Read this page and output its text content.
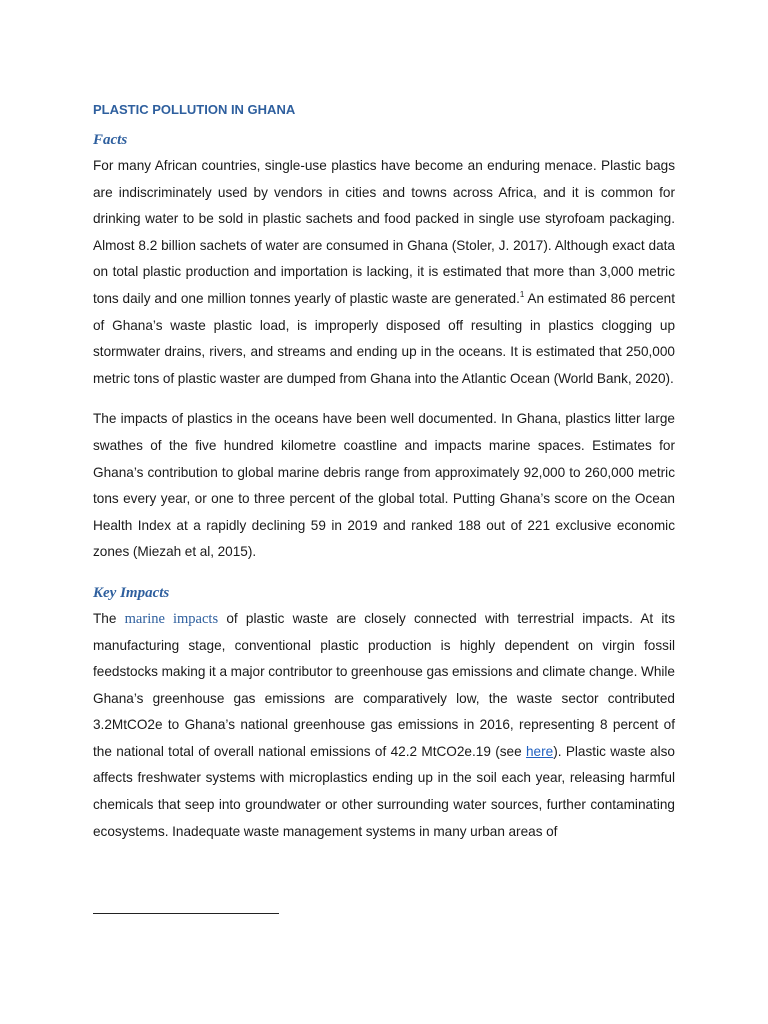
PLASTIC POLLUTION IN GHANA
Facts

For many African countries, single-use plastics have become an enduring menace. Plastic bags are indiscriminately used by vendors in cities and towns across Africa, and it is common for drinking water to be sold in plastic sachets and food packed in single use styrofoam packaging. Almost 8.2 billion sachets of water are consumed in Ghana (Stoler, J. 2017). Although exact data on total plastic production and importation is lacking, it is estimated that more than 3,000 metric tons daily and one million tonnes yearly of plastic waste are generated.$^1$ An estimated 86 percent of Ghana’s waste plastic load, is improperly disposed off resulting in plastics clogging up stormwater drains, rivers, and streams and ending up in the oceans. It is estimated that 250,000 metric tons of plastic waster are dumped from Ghana into the Atlantic Ocean (World Bank, 2020).

The impacts of plastics in the oceans have been well documented. In Ghana, plastics litter large swathes of the five hundred kilometre coastline and impacts marine spaces. Estimates for Ghana’s contribution to global marine debris range from approximately 92,000 to 260,000 metric tons every year, or one to three percent of the global total. Putting Ghana’s score on the Ocean Health Index at a rapidly declining 59 in 2019 and ranked 188 out of 221 exclusive economic zones (Miezah et al, 2015).

Key Impacts

The marine impacts of plastic waste are closely connected with terrestrial impacts. At its manufacturing stage, conventional plastic production is highly dependent on virgin fossil feedstocks making it a major contributor to greenhouse gas emissions and climate change. While Ghana’s greenhouse gas emissions are comparatively low, the waste sector contributed 3.2MtCO2e to Ghana’s national greenhouse gas emissions in 2016, representing 8 percent of the national total of overall national emissions of 42.2 MtCO2e.19 (see here). Plastic waste also affects freshwater systems with microplastics ending up in the soil each year, releasing harmful chemicals that seep into groundwater or other surrounding water sources, further contaminating ecosystems. Inadequate waste management systems in many urban areas of
